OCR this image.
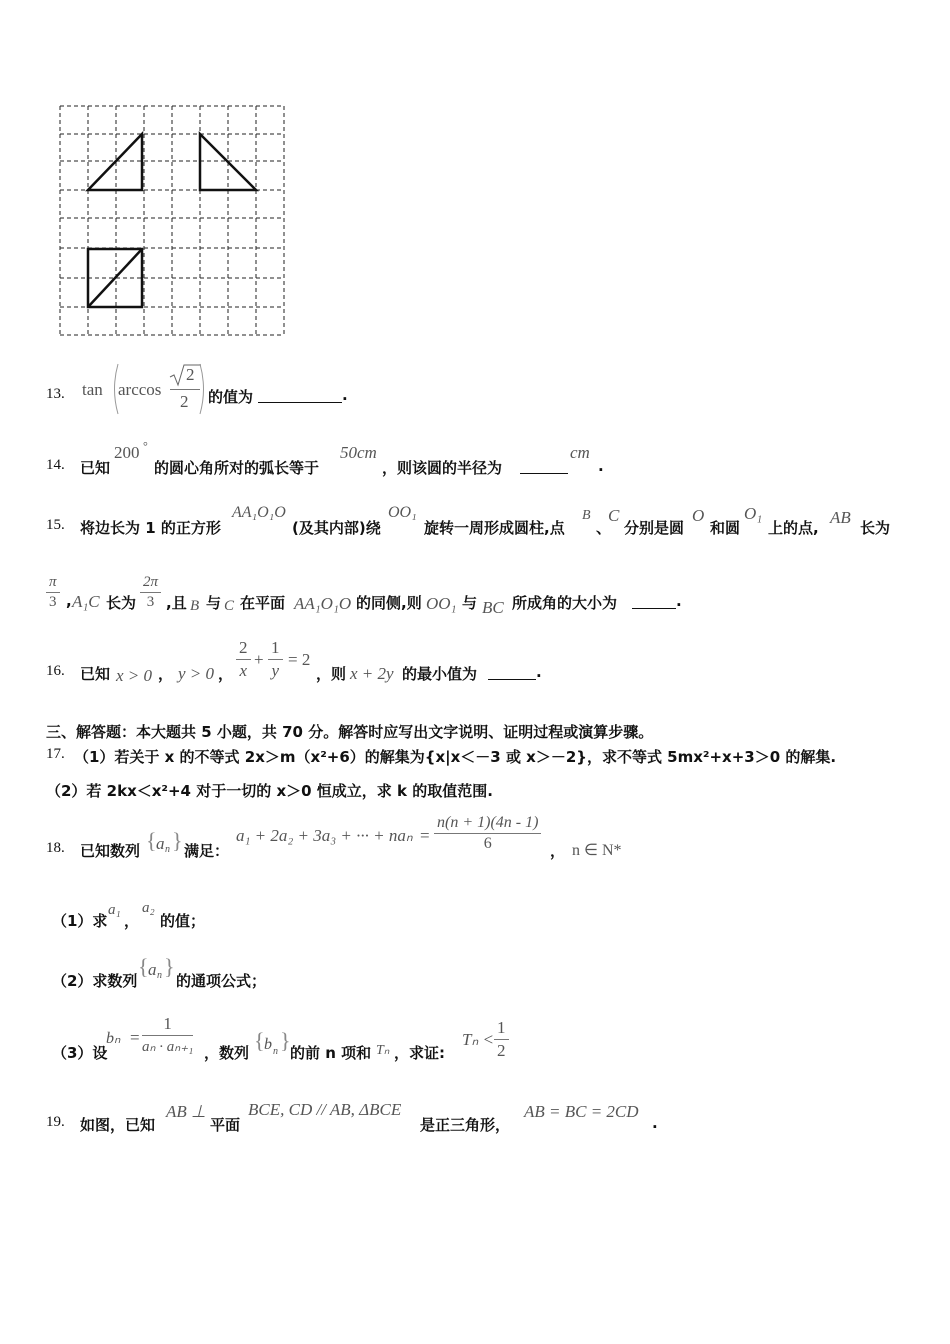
13. tan arccos
2
2 的值为	.
14. 已知
200 °
的圆心角所对的弧长等于
50cm
，则该圆的半径为
cm
.
15. 将边长为 1 的正方形
AA₁O₁O
(及其内部)绕
OO₁
旋转一周形成圆柱,点
B
、
C
分别是圆
O
和圆
O₁
上的点,
AB
长为
$\frac{\pi}{3}$ , A₁C 长为 $\frac{2\pi}{3}$ ,且 B 与 C 在平面 AA₁O₁O 的同侧,则 OO₁ 与 BC 所成角的大小为	.
16. 已知 x > 0 ， y > 0 ， $\frac{2}{x} + \frac{1}{y} = 2$
，则 x + 2y 的最小值为	.
三、解答题：本大题共 5 小题，共 70 分。解答时应写出文字说明、证明过程或演算步骤。
17. （1）若关于 x 的不等式 2x＞m（x²+6）的解集为{x|x＜－3 或 x＞－2}，求不等式 5mx²+x+3＞0 的解集.
（2）若 2kx＜x²+4 对于一切的 x＞0 恒成立，求 k 的取值范围.
18. 已知数列 { a n } 满足：
a₁ + 2a₂ + 3a₃ + ··· + $na_n = \frac{n(n + 1)(4n - 1)}{6}$ ， n ∈ N*
（1）求
a₁
，
a₂
的值；
（2）求数列
{ a n }
的通项公式；
（3）设
$b_n = \frac{1}{\text{aₙ · aₙ₊₁}}$ ，数列 { b n } 的前 n 项和 Tₙ ，求证:
$T_n < \frac{1}{2}$
19. 如图，已知
AB ⊥
平面
BCE, CD // AB, ΔBCE
是正三角形，
AB = BC = 2CD
.
